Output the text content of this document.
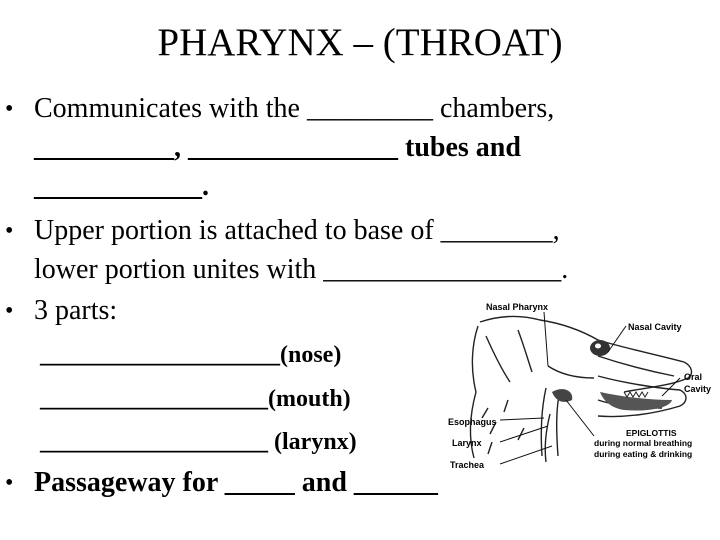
PHARYNX – (THROAT)
• Communicates with the _________ chambers,
__________, _______________ tubes and
____________.
• Upper portion is attached to base of ________,
lower portion unites with _________________.
• 3 parts:
____________________(nose)
___________________(mouth)
___________________ (larynx)
• Passageway for _____ and ______
Nasal Pharynx
Nasal Cavity
Oral
Cavity
Esophagus
Larynx
Trachea
EPIGLOTTIS
during normal breathing
during eating & drinking
